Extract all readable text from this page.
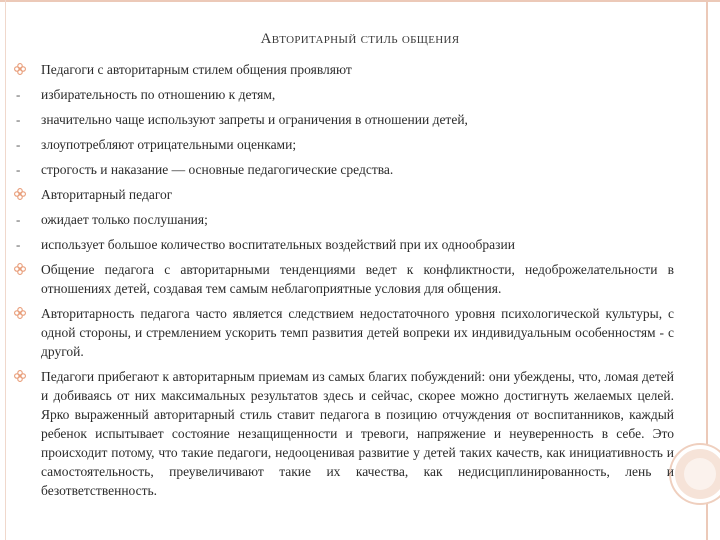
Авторитарный стиль общения
Педагоги с авторитарным стилем общения проявляют
- избирательность по отношению к детям,
- значительно чаще используют запреты и ограничения в отношении детей,
- злоупотребляют отрицательными оценками;
- строгость и наказание — основные педагогические средства.
Авторитарный педагог
- ожидает только послушания;
- использует большое количество воспитательных воздействий при их однообразии
Общение педагога с авторитарными тенденциями ведет к конфликтности, недоброжелательности в отношениях детей, создавая тем самым неблагоприятные условия для общения.
Авторитарность педагога часто является следствием недостаточного уровня психологической культуры, с одной стороны, и стремлением ускорить темп развития детей вопреки их индивидуальным особенностям - с другой.
Педагоги прибегают к авторитарным приемам из самых благих побуждений: они убеждены, что, ломая детей и добиваясь от них максимальных результатов здесь и сейчас, скорее можно достигнуть желаемых целей. Ярко выраженный авторитарный стиль ставит педагога в позицию отчуждения от воспитанников, каждый ребенок испытывает состояние незащищенности и тревоги, напряжение и неуверенность в себе. Это происходит потому, что такие педагоги, недооценивая развитие у детей таких качеств, как инициативность и самостоятельность, преувеличивают такие их качества, как недисциплинированность, лень и безответственность.
